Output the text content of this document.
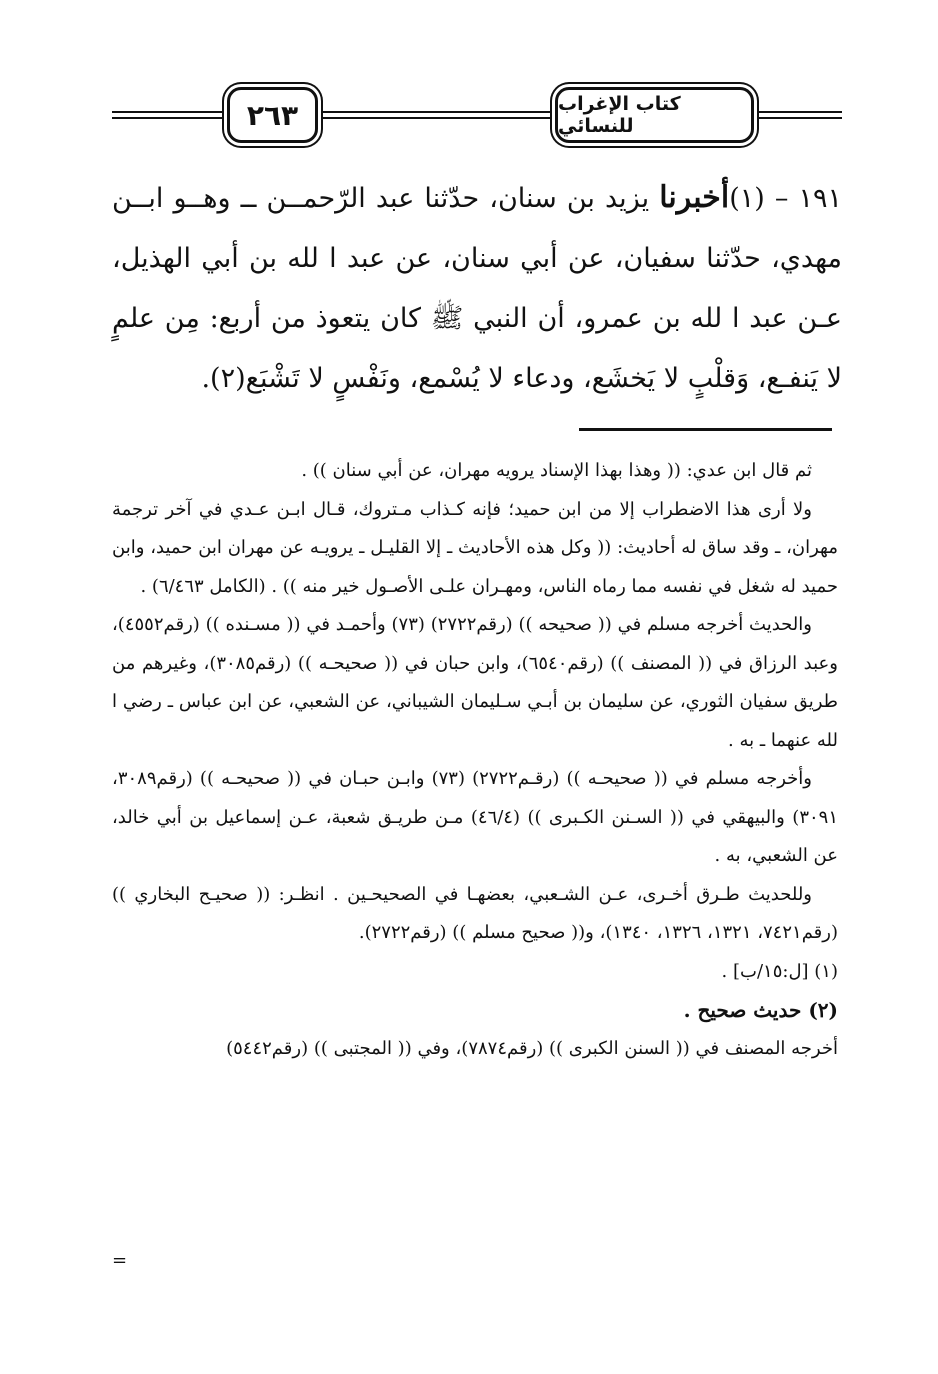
٢٦٣	كتاب الإغراب للنسائي

١٩١ – (١)أخبرنا يزيد بن سنان، حدّثنا عبد الرّحمــن ــ وهــو ابــن مهدي، حدّثنا سفيان، عن أبي سنان، عن عبد ا لله بن أبي الهذيل، عـن عبد ا لله بن عمرو، أن النبي ﷺ كان يتعوذ من أربع: مِن علمٍ لا يَنفـع، وَقلْبٍ لا يَخشَع، ودعاء لا يُسْمع، ونَفْسٍ لا تَشْبَع(٢).

ثم قال ابن عدي: (( وهذا بهذا الإسناد يرويه مهران، عن أبي سنان )) .

ولا أرى هذا الاضطراب إلا من ابن حميد؛ فإنه كـذاب مـتروك، قـال ابـن عـدي في آخر ترجمة مهران، ـ وقد ساق له أحاديث: (( وكل هذه الأحاديث ـ إلا القليـل ـ يرويـه عن مهران ابن حميد، وابن حميد له شغل في نفسه مما رماه الناس، ومهـران علـى الأصـول خير منه )) . (الكامل ٦/٤٦٣) .

والحديث أخرجه مسلم في (( صحيحه )) (رقم٢٧٢٢) (٧٣) وأحمـد في (( مسـنده )) (رقم٤٥٥٢)، وعبد الرزاق في (( المصنف )) (رقم٦٥٤٠)، وابن حبان في (( صحيحـه )) (رقم٣٠٨٥)، وغيرهم من طريق سفيان الثوري، عن سليمان بن أبـي سـليمان الشيباني، عن الشعبي، عن ابن عباس ـ رضي ا لله عنهما ـ به .

وأخرجه مسلم في (( صحيحـه )) (رقـم٢٧٢٢) (٧٣) وابـن حبـان في (( صحيحـه )) (رقم٣٠٨٩، ٣٠٩١) والبيهقي في (( السـنن الكـبرى )) (٤٦/٤) مـن طريـق شعبة، عـن إسماعيل بن أبي خالد، عن الشعبي، به .

وللحديث طـرق أخـرى، عـن الشـعبي، بعضهـا في الصحيحـين . انظـر: (( صحيـح البخاري )) (رقم٧٤٢١، ١٣٢١، ١٣٢٦، ١٣٤٠)، و(( صحيح مسلم )) (رقم٢٧٢٢).

(١) [ل:١٥/ب] .

(٢) حديث صحيح .

أخرجه المصنف في (( السنن الكبرى )) (رقم٧٨٧٤)، وفي (( المجتبى )) (رقم٥٤٤٢)

=
